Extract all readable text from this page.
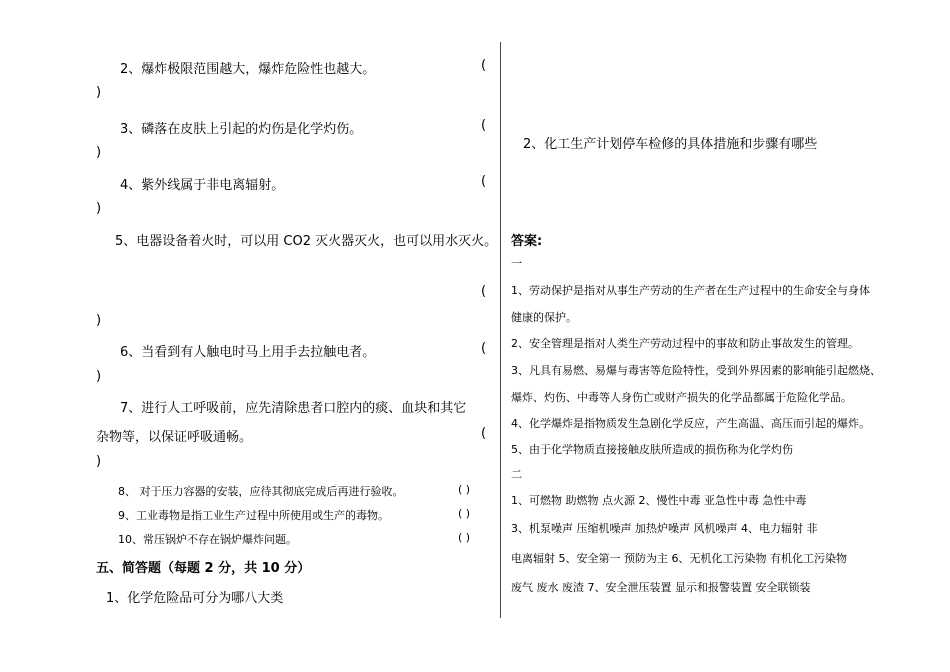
2、爆炸极限范围越大，爆炸危险性也越大。	(
)
3、磷落在皮肤上引起的灼伤是化学灼伤。	(
)
4、紫外线属于非电离辐射。	(
)
5、电器设备着火时，可以用 CO2 灭火器灭火，也可以用水灭火。
(
)
6、当看到有人触电时马上用手去拉触电者。	(
)
7、进行人工呼吸前，应先清除患者口腔内的痰、血块和其它
杂物等，以保证呼吸通畅。	(
)
8、 对于压力容器的安装，应待其彻底完成后再进行验收。	( )
9、工业毒物是指工业生产过程中所使用或生产的毒物。	( )
10、常压锅炉不存在锅炉爆炸问题。	( )
五、简答题（每题 2 分，共 10 分）
1、化学危险品可分为哪八大类
2、化工生产计划停车检修的具体措施和步骤有哪些
答案:
一
1、劳动保护是指对从事生产劳动的生产者在生产过程中的生命安全与身体
健康的保护。
2、安全管理是指对人类生产劳动过程中的事故和防止事故发生的管理。
3、凡具有易燃、易爆与毒害等危险特性，受到外界因素的影响能引起燃烧、
爆炸、灼伤、中毒等人身伤亡或财产损失的化学品都属于危险化学品。
4、化学爆炸是指物质发生急剧化学反应，产生高温、高压而引起的爆炸。
5、由于化学物质直接接触皮肤所造成的损伤称为化学灼伤
二
1、可燃物 助燃物 点火源 2、慢性中毒 亚急性中毒 急性中毒
3、机泵噪声 压缩机噪声 加热炉噪声 风机噪声 4、电力辐射 非
电离辐射 5、安全第一 预防为主 6、无机化工污染物 有机化工污染物
废气 废水 废渣 7、安全泄压装置 显示和报警装置 安全联锁装
